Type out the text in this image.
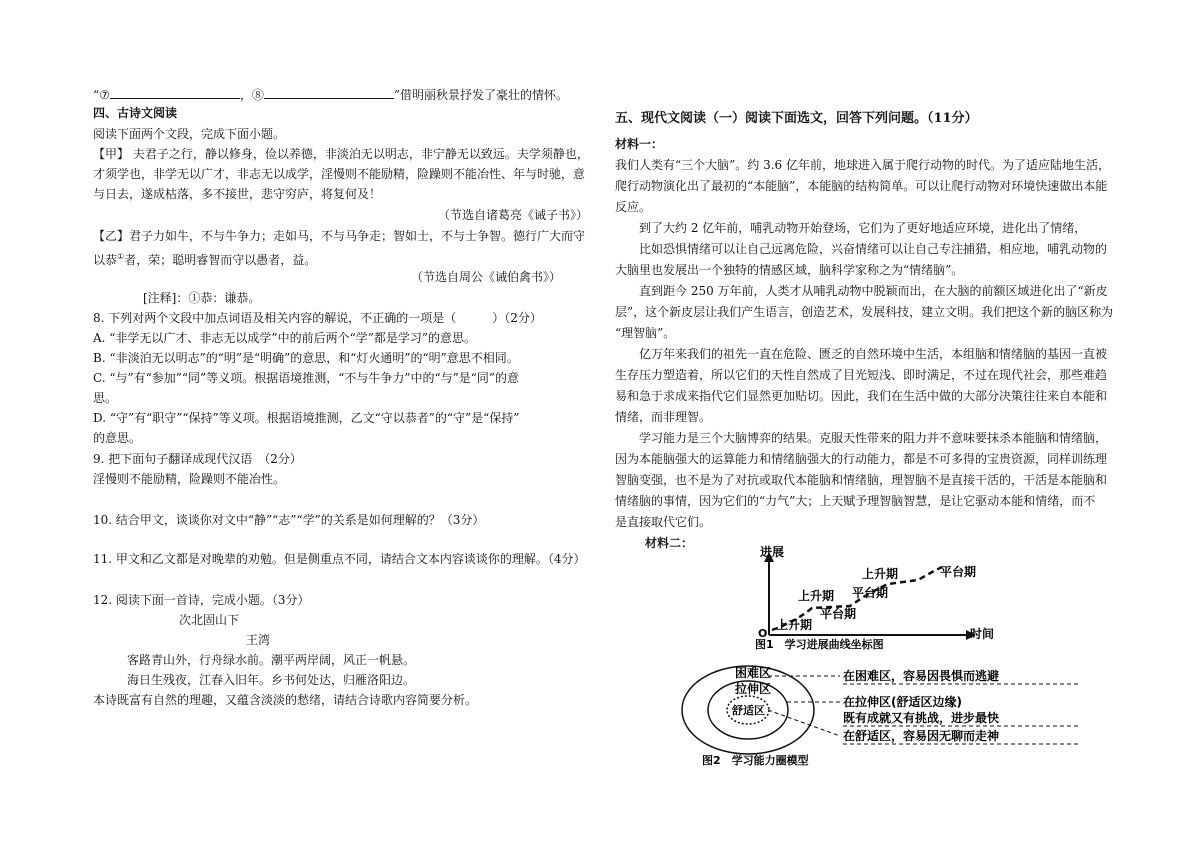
“⑦	，⑧	”借明丽秋景抒发了豪壮的情怀。
四、古诗文阅读
阅读下面两个文段，完成下面小题。
【甲】 夫君子之行，静以修身，俭以养德，非淡泊无以明志，非宁静无以致远。夫学须静也，
才须学也，非学无以广才，非志无以成学，淫慢则不能励精，险躁则不能冶性、年与时驰，意
与日去，遂成枯落，多不接世，悲守穷庐，将复何及！
（节选自诸葛亮《诫子书》）
【乙】君子力如牛，不与牛争力；走如马，不与马争走；智如士，不与士争智。德行广大而守
以恭①者，荣；聪明睿智而守以愚者，益。
（节选自周公《诫伯禽书》）
[注释]：①恭：谦恭。
8. 下列对两个文段中加点词语及相关内容的解说，不正确的一项是（　　　）（2分）
A. “非学无以广才、非志无以成学”中的前后两个“学”都是学习”的意思。
B. “非淡泊无以明志”的“明”是“明确”的意思，和“灯火通明”的“明”意思不相同。
C. “与”有“参加”“同”等义项。根据语境推测，“不与牛争力”中的“与”是“同”的意
思。
D. “守”有“职守”“保持”等义项。根据语境推测，乙文“守以恭者”的“守”是“保持”
的意思。
9. 把下面句子翻译成现代汉语　（2分）
淫慢则不能励精，险躁则不能冶性。
10. 结合甲文，谈谈你对文中“静”“志”“学”的关系是如何理解的？（3分）
11. 甲文和乙文都是对晚辈的劝勉。但是侧重点不同，请结合文本内容谈谈你的理解。（4分）
12. 阅读下面一首诗，完成小题。（3分）
次北固山下
王湾
客路青山外，行舟绿水前。潮平两岸阔，风正一帆悬。
海日生残夜，江春入旧年。乡书何处达，归雁洛阳边。
本诗既富有自然的理趣，又蕴含淡淡的愁绪，请结合诗歌内容简要分析。
五、现代文阅读（一）阅读下面选文，回答下列问题。（11分）
材料一：
我们人类有“三个大脑”。约 3.6 亿年前，地球进入属于爬行动物的时代。为了适应陆地生活，
爬行动物演化出了最初的“本能脑”，本能脑的结构简单。可以让爬行动物对环境快速做出本能
反应。
　　到了大约 2 亿年前，哺乳动物开始登场，它们为了更好地适应环境，进化出了情绪，
　　比如恐惧情绪可以让自己远离危险，兴奋情绪可以让自己专注捕猎，相应地，哺乳动物的
大脑里也发展出一个独特的情感区域，脑科学家称之为“情绪脑”。
　　直到距今 250 万年前，人类才从哺乳动物中脱颖而出，在大脑的前额区域进化出了“新皮
层”，这个新皮层让我们产生语言，创造艺术，发展科技，建立文明。我们把这个新的脑区称为
“理智脑”。
　　亿万年来我们的祖先一直在危险、匮乏的自然环境中生活，本组脑和情绪脑的基因一直被
生存压力塑造着，所以它们的天性自然成了目光短浅、即时满足，不过在现代社会，那些难趋
易和急于求成来指代它们显然更加贴切。因此，我们在生活中做的大部分决策往往来自本能和
情绪，而非理智。
　　学习能力是三个大脑博弈的结果。克服天性带来的阻力并不意味要抹杀本能脑和情绪脑，
因为本能脑强大的运算能力和情绪脑强大的行动能力，都是不可多得的宝贵资源，同样训练理
智脑变强，也不是为了对抗或取代本能脑和情绪脑，理智脑不是直接干活的，干活是本能脑和
情绪脑的事情，因为它们的“力气”大；上天赋予理智脑智慧，是让它驱动本能和情绪，而不
是直接取代它们。
材料二：
进展
时间
O
上升期
平台期
上升期 平台期
上升期	平台期
图1　学习进展曲线坐标图
困难区
拉伸区
舒适区
在困难区，容易因畏惧而逃避
在拉伸区(舒适区边缘)
既有成就又有挑战，进步最快
在舒适区，容易因无聊而走神
图2　学习能力圈模型
